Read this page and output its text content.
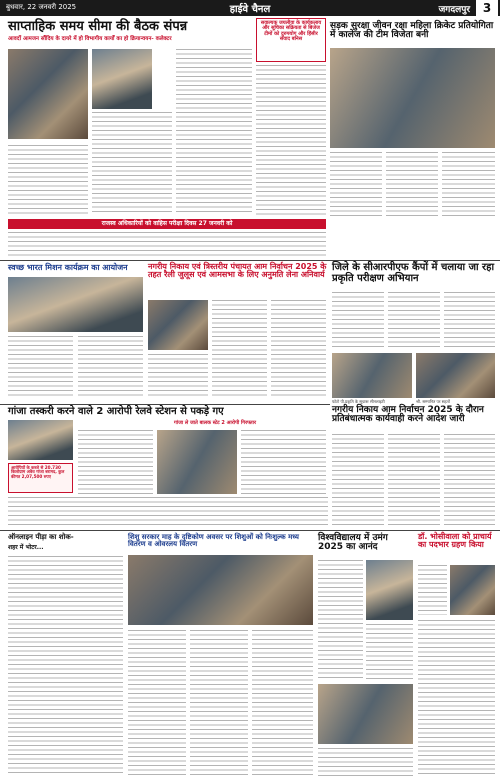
बुधवार, 22 जनवरी 2025	हाईवे चैनल	जगदलपुर	3
साप्ताहिक समय सीमा की बैठक संपन्न
आवर्दो आमजन सौंदिय के दायरे में हो विभागीय कार्यों का हो क्रियान्वयन- कलेक्टर
सवाल्यक जयलीवा के कार्यकलाय और सूचिका सक्रियता से बिजेज टीमों को दुरुपयोग और हिंसीर संवाद बनिस
सड़क सुरक्षा जीवन रक्षा महिला क्रिकेट प्रतियोगिता में कालेज की टीम विजेता बनी
राजस्व अधिकारियों को वाहिस परीक्षा दिवस 27 जनवरी को
स्वच्छ भारत मिशन कार्यक्रम का आयोजन	नगरीय निकाय एवं त्रिस्तरीय पंचायत आम निर्वाचन 2025 के तहत रैली जुलूस एवं आमसभा के लिए अनुमति लेना अनिवार्य
जिले के सीआरपीएफ कैंपों में चलाया जा रहा प्रकृति परीक्षण अभियान
फोटो पी.प्रकृति के सूचारू सीनलाइटी	श्री. सम्मानित पर सहतों
गांजा तस्करी करने वाले 2 आरोपी रेलवे स्टेशन से पकड़े गए
गांजा ले जाते बालक स्टेट 2 आरोपी गिरफ्तार
आरोपियों के कब्जे से 20.730 किलोग्राम अवैध गांजा बरामद, कुल कीमत 2,07,500 रुपए
नगरीय निकाय आम निर्वाचन 2025 के दौरान प्रतिबंधात्मक कार्यवाही करने आदेश जारी
ऑनलाइन पीड़ा का शोक-
शहर में भोटर...
शिशु सरकार माह के दृष्टिकोण अवसर पर शिशुओं को निःशुल्क मध्य वितरण व ओवरलय वितरण
विश्वविद्यालय में उमंग 2025 का आनंद
डॉ. भोसीवाला को प्राचार्य का पदभार ग्रहण किया
